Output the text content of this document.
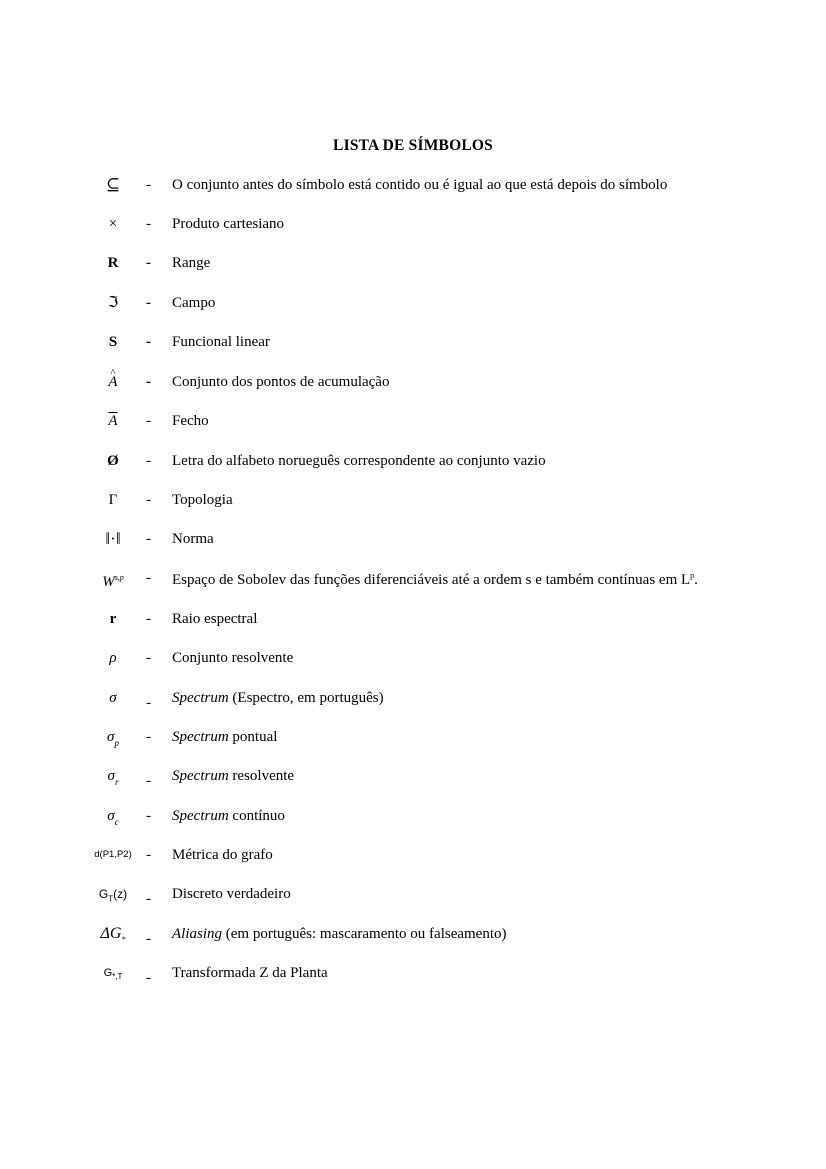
LISTA DE SÍMBOLOS
⊆	- O conjunto antes do símbolo está contido ou é igual ao que está depois do símbolo
×	- Produto cartesiano
R	- Range
ℑ	- Campo
S	- Funcional linear
^ A	- Conjunto dos pontos de acumulação
$\overline{A}$	- Fecho
Ø	- Letra do alfabeto norueguês correspondente ao conjunto vazio
Γ	- Topologia
‖·‖	- Norma
W$^{s,p}$	- Espaço de Sobolev das funções diferenciáveis até a ordem s e também contínuas em $L^p$.
r	- Raio espectral
ρ	- Conjunto resolvente
σ	- Spectrum (Espectro, em português)
$\sigma_p$	- Spectrum pontual
$\sigma_r$	- Spectrum resolvente
$\sigma_c$	- Spectrum contínuo
d(P1,P2) - Métrica do grafo
$G_T(z)$	- Discreto verdadeiro
$\Delta G_*$	- Aliasing (em português: mascaramento ou falseamento)
$G_{*,T}$	- Transformada Z da Planta
